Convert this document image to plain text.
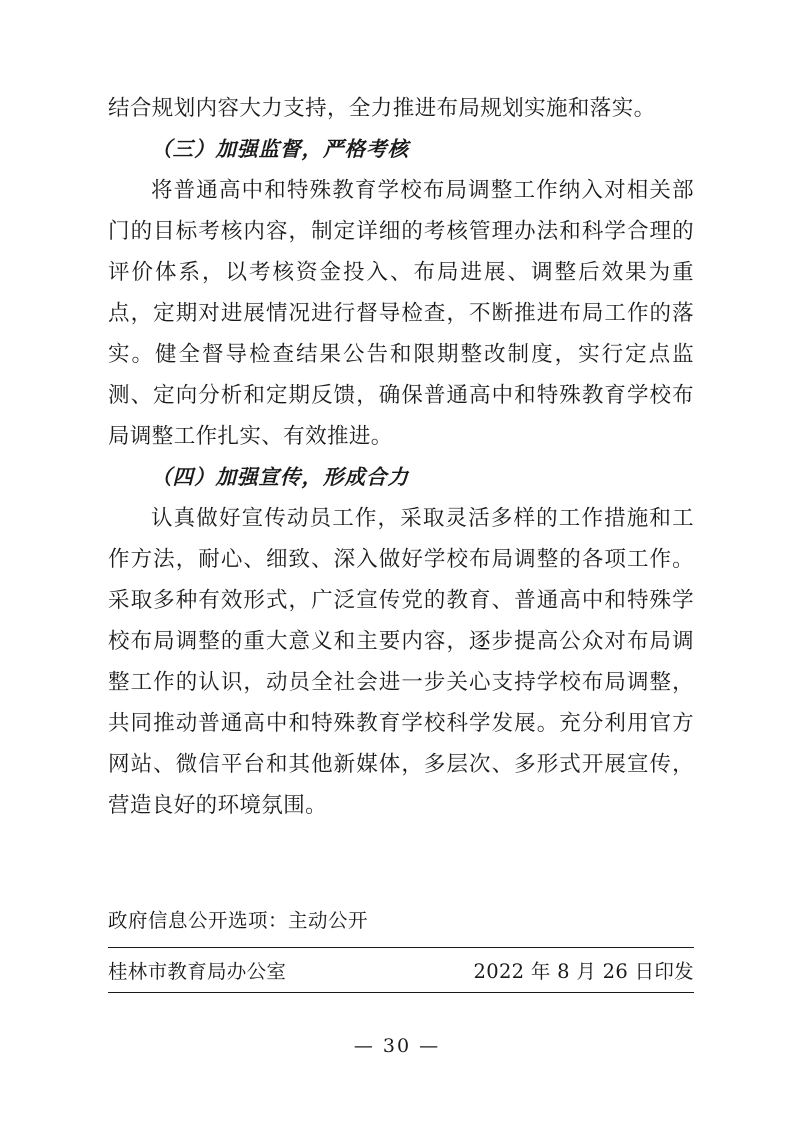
结合规划内容大力支持，全力推进布局规划实施和落实。

（三）加强监督，严格考核

将普通高中和特殊教育学校布局调整工作纳入对相关部门的目标考核内容，制定详细的考核管理办法和科学合理的评价体系，以考核资金投入、布局进展、调整后效果为重点，定期对进展情况进行督导检查，不断推进布局工作的落实。健全督导检查结果公告和限期整改制度，实行定点监测、定向分析和定期反馈，确保普通高中和特殊教育学校布局调整工作扎实、有效推进。

（四）加强宣传，形成合力

认真做好宣传动员工作，采取灵活多样的工作措施和工作方法，耐心、细致、深入做好学校布局调整的各项工作。采取多种有效形式，广泛宣传党的教育、普通高中和特殊学校布局调整的重大意义和主要内容，逐步提高公众对布局调整工作的认识，动员全社会进一步关心支持学校布局调整，共同推动普通高中和特殊教育学校科学发展。充分利用官方网站、微信平台和其他新媒体，多层次、多形式开展宣传，营造良好的环境氛围。

政府信息公开选项：主动公开

桂林市教育局办公室	2022 年 8 月 26 日印发
— 30 —
